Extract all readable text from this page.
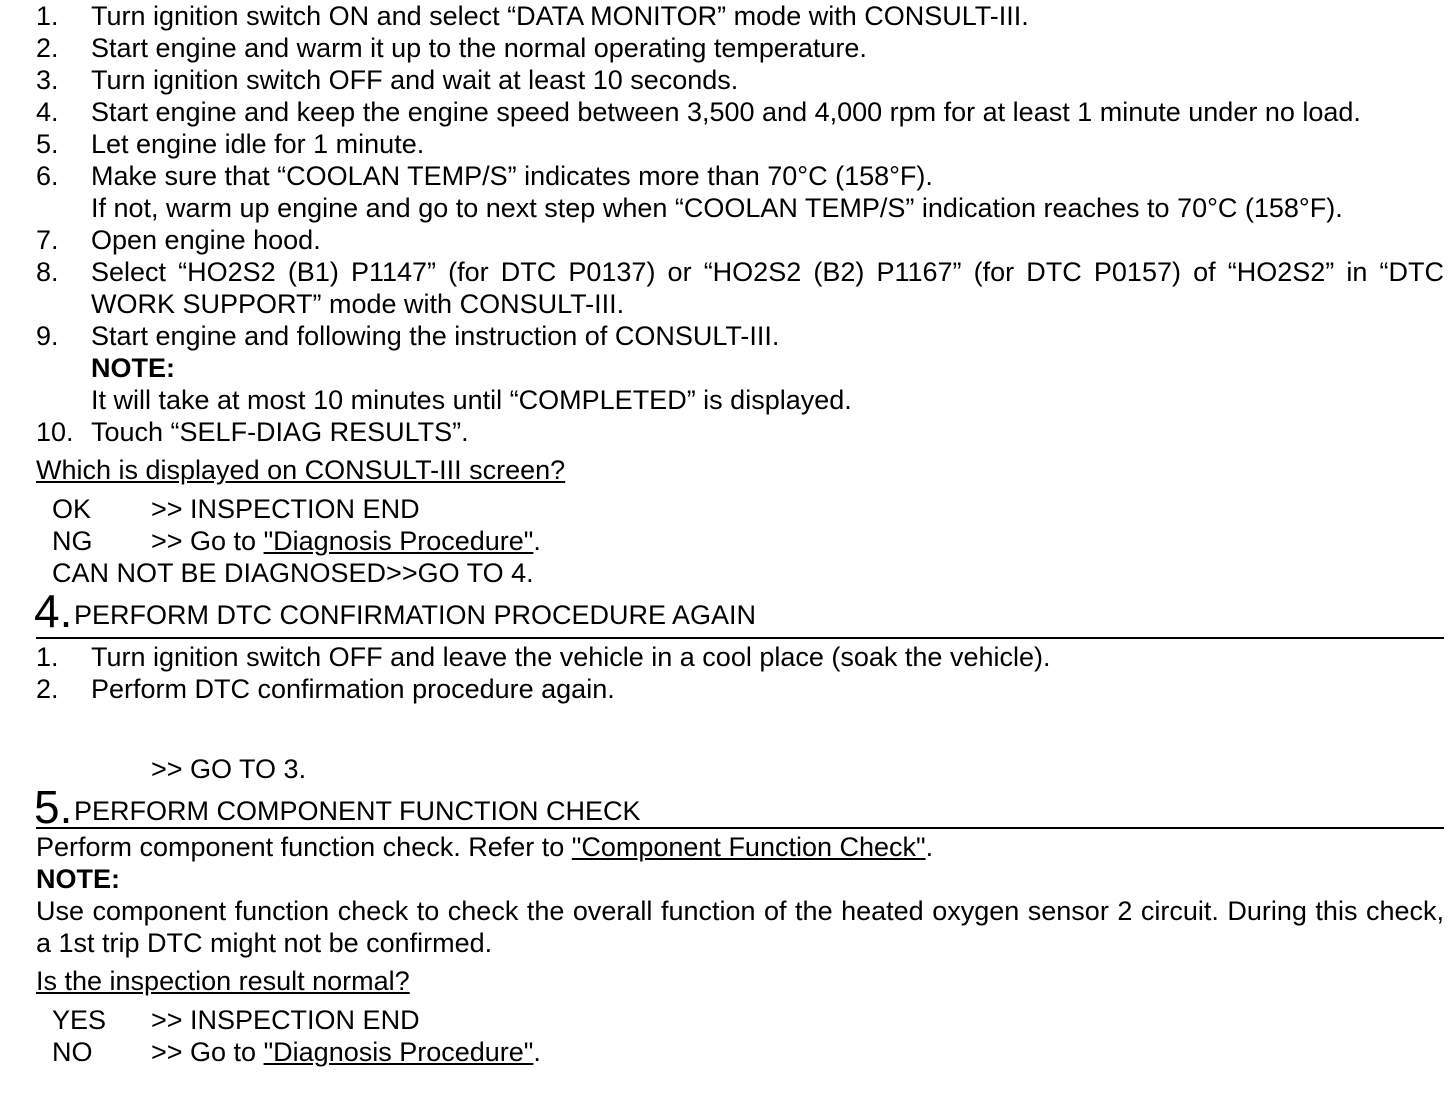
1. Turn ignition switch ON and select “DATA MONITOR” mode with CONSULT-III.
2. Start engine and warm it up to the normal operating temperature.
3. Turn ignition switch OFF and wait at least 10 seconds.
4. Start engine and keep the engine speed between 3,500 and 4,000 rpm for at least 1 minute under no load.
5. Let engine idle for 1 minute.
6. Make sure that “COOLAN TEMP/S” indicates more than 70°C (158°F).
If not, warm up engine and go to next step when “COOLAN TEMP/S” indication reaches to 70°C (158°F).
7. Open engine hood.
8. Select “HO2S2 (B1) P1147” (for DTC P0137) or “HO2S2 (B2) P1167” (for DTC P0157) of “HO2S2” in “DTC WORK SUPPORT” mode with CONSULT-III.
9. Start engine and following the instruction of CONSULT-III.
NOTE:
It will take at most 10 minutes until “COMPLETED” is displayed.
10. Touch “SELF-DIAG RESULTS”.
Which is displayed on CONSULT-III screen?
OK >> INSPECTION END
NG >> Go to "Diagnosis Procedure".
CAN NOT BE DIAGNOSED>>GO TO 4.
4. PERFORM DTC CONFIRMATION PROCEDURE AGAIN
1. Turn ignition switch OFF and leave the vehicle in a cool place (soak the vehicle).
2. Perform DTC confirmation procedure again.
>> GO TO 3.
5. PERFORM COMPONENT FUNCTION CHECK
Perform component function check. Refer to "Component Function Check".
NOTE:
Use component function check to check the overall function of the heated oxygen sensor 2 circuit. During this check, a 1st trip DTC might not be confirmed.
Is the inspection result normal?
YES >> INSPECTION END
NO >> Go to "Diagnosis Procedure".
